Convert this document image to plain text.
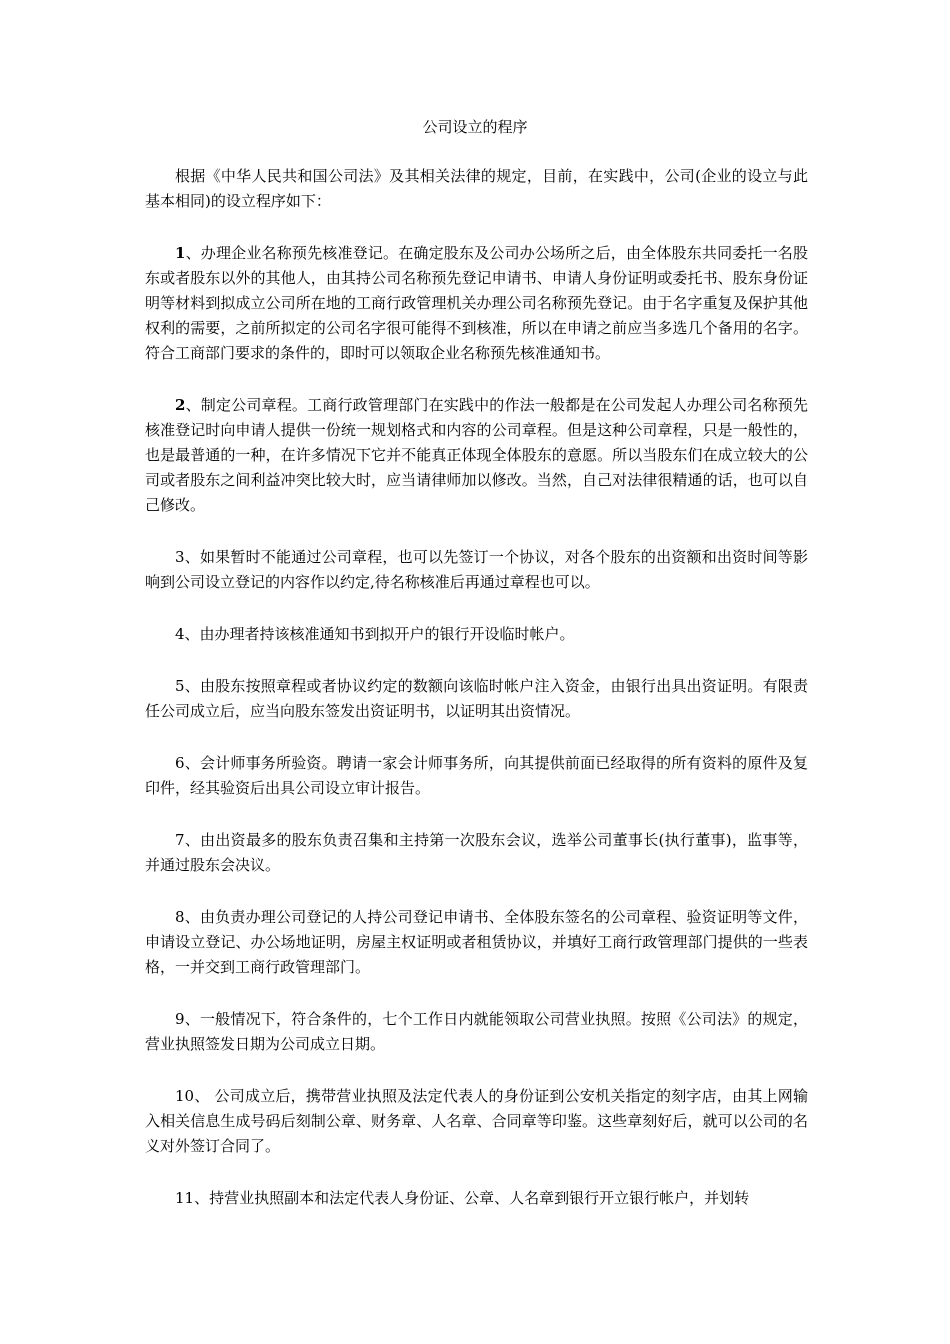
公司设立的程序

根据《中华人民共和国公司法》及其相关法律的规定，目前，在实践中，公司(企业的设立与此基本相同)的设立程序如下：

1、办理企业名称预先核准登记。在确定股东及公司办公场所之后，由全体股东共同委托一名股东或者股东以外的其他人，由其持公司名称预先登记申请书、申请人身份证明或委托书、股东身份证明等材料到拟成立公司所在地的工商行政管理机关办理公司名称预先登记。由于名字重复及保护其他权利的需要，之前所拟定的公司名字很可能得不到核准，所以在申请之前应当多选几个备用的名字。符合工商部门要求的条件的，即时可以领取企业名称预先核准通知书。

2、制定公司章程。工商行政管理部门在实践中的作法一般都是在公司发起人办理公司名称预先核准登记时向申请人提供一份统一规划格式和内容的公司章程。但是这种公司章程，只是一般性的，也是最普通的一种，在许多情况下它并不能真正体现全体股东的意愿。所以当股东们在成立较大的公司或者股东之间利益冲突比较大时，应当请律师加以修改。当然，自己对法律很精通的话，也可以自己修改。

3、如果暂时不能通过公司章程，也可以先签订一个协议，对各个股东的出资额和出资时间等影响到公司设立登记的内容作以约定,待名称核准后再通过章程也可以。

4、由办理者持该核准通知书到拟开户的银行开设临时帐户。

5、由股东按照章程或者协议约定的数额向该临时帐户注入资金，由银行出具出资证明。有限责任公司成立后，应当向股东签发出资证明书，以证明其出资情况。

6、会计师事务所验资。聘请一家会计师事务所，向其提供前面已经取得的所有资料的原件及复印件，经其验资后出具公司设立审计报告。

7、由出资最多的股东负责召集和主持第一次股东会议，选举公司董事长(执行董事)，监事等，并通过股东会决议。

8、由负责办理公司登记的人持公司登记申请书、全体股东签名的公司章程、验资证明等文件，申请设立登记、办公场地证明，房屋主权证明或者租赁协议，并填好工商行政管理部门提供的一些表格，一并交到工商行政管理部门。

9、一般情况下，符合条件的，七个工作日内就能领取公司营业执照。按照《公司法》的规定，营业执照签发日期为公司成立日期。

10、 公司成立后，携带营业执照及法定代表人的身份证到公安机关指定的刻字店，由其上网输入相关信息生成号码后刻制公章、财务章、人名章、合同章等印鉴。这些章刻好后，就可以公司的名义对外签订合同了。

11、持营业执照副本和法定代表人身份证、公章、人名章到银行开立银行帐户，并划转
